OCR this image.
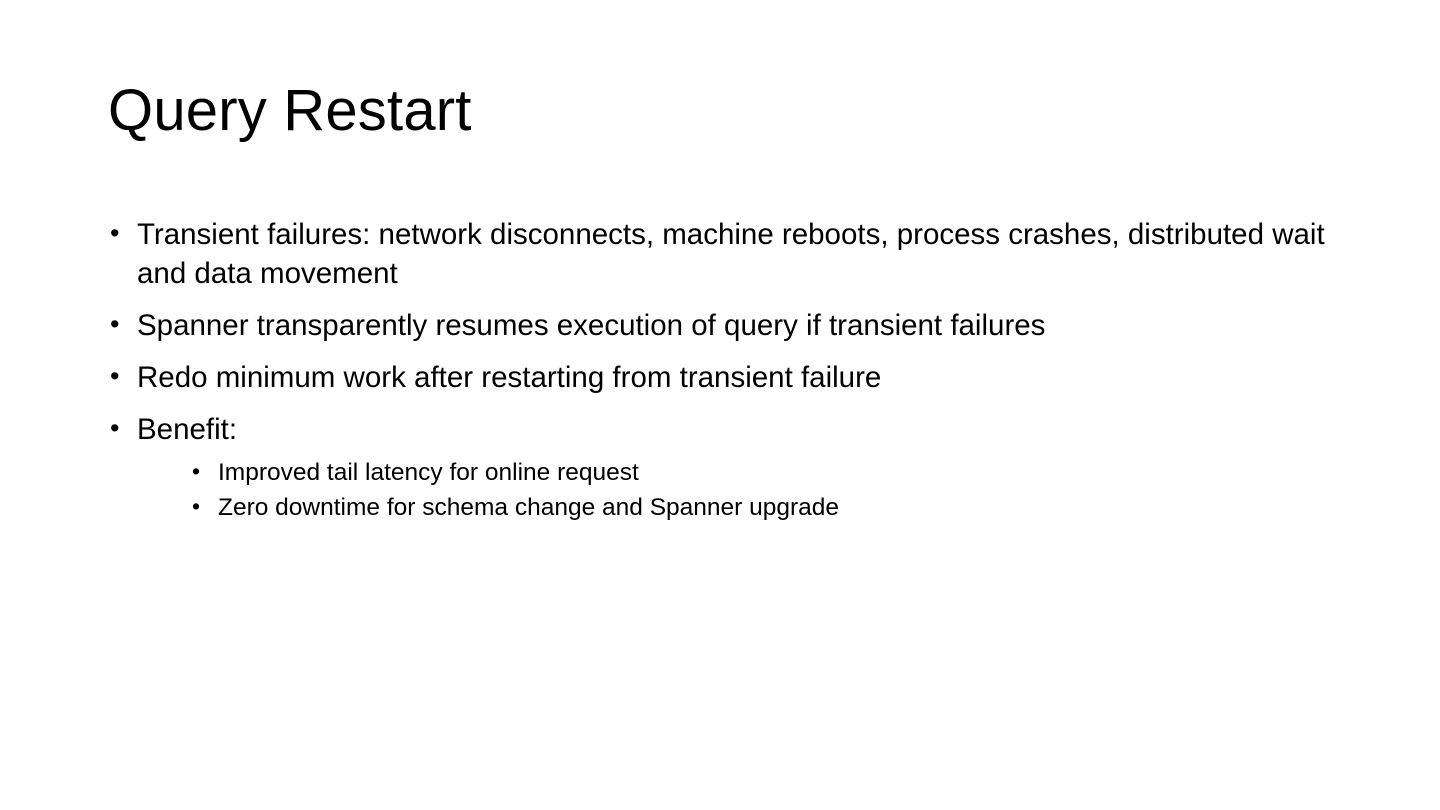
Query Restart
• Transient failures: network disconnects, machine reboots, process crashes, distributed wait and data movement
• Spanner transparently resumes execution of query if transient failures
• Redo minimum work after restarting from transient failure
• Benefit:
• Improved tail latency for online request
• Zero downtime for schema change and Spanner upgrade
